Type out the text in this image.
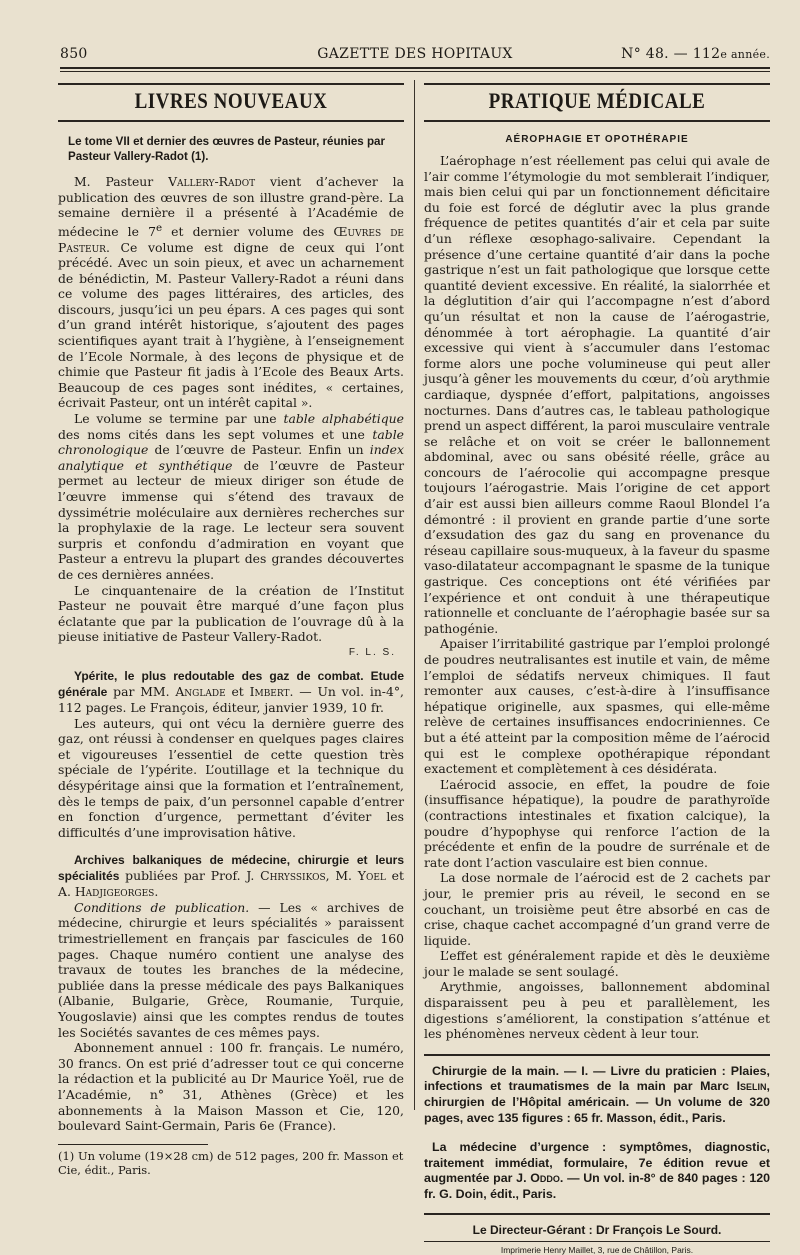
850	GAZETTE DES HOPITAUX	N° 48. — 112e année.
LIVRES NOUVEAUX

Le tome VII et dernier des œuvres de Pasteur, réunies par Pasteur Vallery-Radot (1).

M. Pasteur Vallery-Radot vient d’achever la publication des œuvres de son illustre grand-père. La semaine dernière il a présenté à l’Académie de médecine le 7e et dernier volume des Œuvres de Pasteur. Ce volume est digne de ceux qui l’ont précédé. Avec un soin pieux, et avec un acharnement de bénédictin, M. Pasteur Vallery-Radot a réuni dans ce volume des pages littéraires, des articles, des discours, jusqu’ici un peu épars. A ces pages qui sont d’un grand intérêt historique, s’ajoutent des pages scientifiques ayant trait à l’hygiène, à l’enseignement de l’Ecole Normale, à des leçons de physique et de chimie que Pasteur fit jadis à l’Ecole des Beaux Arts. Beaucoup de ces pages sont inédites, « certaines, écrivait Pasteur, ont un intérêt capital ».

Le volume se termine par une table alphabétique des noms cités dans les sept volumes et une table chronologique de l’œuvre de Pasteur. Enfin un index analytique et synthétique de l’œuvre de Pasteur permet au lecteur de mieux diriger son étude de l’œuvre immense qui s’étend des travaux de dyssimétrie moléculaire aux dernières recherches sur la prophylaxie de la rage. Le lecteur sera souvent surpris et confondu d’admiration en voyant que Pasteur a entrevu la plupart des grandes découvertes de ces dernières années.

Le cinquantenaire de la création de l’Institut Pasteur ne pouvait être marqué d’une façon plus éclatante que par la publication de l’ouvrage dû à la pieuse initiative de Pasteur Vallery-Radot.

F. L. S.

Ypérite, le plus redoutable des gaz de combat. Etude générale par MM. Anglade et Imbert. — Un vol. in-4°, 112 pages. Le François, éditeur, janvier 1939, 10 fr.

Les auteurs, qui ont vécu la dernière guerre des gaz, ont réussi à condenser en quelques pages claires et vigoureuses l’essentiel de cette question très spéciale de l’ypérite. L’outillage et la technique du désypéritage ainsi que la formation et l’entraînement, dès le temps de paix, d’un personnel capable d’entrer en fonction d’urgence, permettant d’éviter les difficultés d’une improvisation hâtive.

Archives balkaniques de médecine, chirurgie et leurs spécialités publiées par Prof. J. Chryssikos, M. Yoel et A. Hadjigeorges.

Conditions de publication. — Les « archives de médecine, chirurgie et leurs spécialités » paraissent trimestriellement en français par fascicules de 160 pages. Chaque numéro contient une analyse des travaux de toutes les branches de la médecine, publiée dans la presse médicale des pays Balkaniques (Albanie, Bulgarie, Grèce, Roumanie, Turquie, Yougoslavie) ainsi que les comptes rendus de toutes les Sociétés savantes de ces mêmes pays.

Abonnement annuel : 100 fr. français. Le numéro, 30 francs. On est prié d’adresser tout ce qui concerne la rédaction et la publicité au Dr Maurice Yoël, rue de l’Académie, n° 31, Athènes (Grèce) et les abonnements à la Maison Masson et Cie, 120, boulevard Saint-Germain, Paris 6e (France).

(1) Un volume (19×28 cm) de 512 pages, 200 fr. Masson et Cie, édit., Paris.

PRATIQUE MÉDICALE
AÉROPHAGIE ET OPOTHÉRAPIE

L’aérophage n’est réellement pas celui qui avale de l’air comme l’étymologie du mot semblerait l’indiquer, mais bien celui qui par un fonctionnement déficitaire du foie est forcé de déglutir avec la plus grande fréquence de petites quantités d’air et cela par suite d’un réflexe œsophago-salivaire. Cependant la présence d’une certaine quantité d’air dans la poche gastrique n’est un fait pathologique que lorsque cette quantité devient excessive. En réalité, la sialorrhée et la déglutition d’air qui l’accompagne n’est d’abord qu’un résultat et non la cause de l’aérogastrie, dénommée à tort aérophagie. La quantité d’air excessive qui vient à s’accumuler dans l’estomac forme alors une poche volumineuse qui peut aller jusqu’à gêner les mouvements du cœur, d’où arythmie cardiaque, dyspnée d’effort, palpitations, angoisses nocturnes. Dans d’autres cas, le tableau pathologique prend un aspect différent, la paroi musculaire ventrale se relâche et on voit se créer le ballonnement abdominal, avec ou sans obésité réelle, grâce au concours de l’aérocolie qui accompagne presque toujours l’aérogastrie. Mais l’origine de cet apport d’air est aussi bien ailleurs comme Raoul Blondel l’a démontré : il provient en grande partie d’une sorte d’exsudation des gaz du sang en provenance du réseau capillaire sous-muqueux, à la faveur du spasme vaso-dilatateur accompagnant le spasme de la tunique gastrique. Ces conceptions ont été vérifiées par l’expérience et ont conduit à une thérapeutique rationnelle et concluante de l’aérophagie basée sur sa pathogénie.

Apaiser l’irritabilité gastrique par l’emploi prolongé de poudres neutralisantes est inutile et vain, de même l’emploi de sédatifs nerveux chimiques. Il faut remonter aux causes, c’est-à-dire à l’insuffisance hépatique originelle, aux spasmes, qui elle-même relève de certaines insuffisances endocriniennes. Ce but a été atteint par la composition même de l’aérocid qui est le complexe opothérapique répondant exactement et complètement à ces désidérata.

L’aérocid associe, en effet, la poudre de foie (insuffisance hépatique), la poudre de parathyroïde (contractions intestinales et fixation calcique), la poudre d’hypophyse qui renforce l’action de la précédente et enfin de la poudre de surrénale et de rate dont l’action vasculaire est bien connue.

La dose normale de l’aérocid est de 2 cachets par jour, le premier pris au réveil, le second en se couchant, un troisième peut être absorbé en cas de crise, chaque cachet accompagné d’un grand verre de liquide.

L’effet est généralement rapide et dès le deuxième jour le malade se sent soulagé.

Arythmie, angoisses, ballonnement abdominal disparaissent peu à peu et parallèlement, les digestions s’améliorent, la constipation s’atténue et les phénomènes nerveux cèdent à leur tour.

Chirurgie de la main. — I. — Livre du praticien : Plaies, infections et traumatismes de la main par Marc Iselin, chirurgien de l’Hôpital américain. — Un volume de 320 pages, avec 135 figures : 65 fr. Masson, édit., Paris.

La médecine d’urgence : symptômes, diagnostic, traitement immédiat, formulaire, 7e édition revue et augmentée par J. Oddo. — Un vol. in-8° de 840 pages : 120 fr. G. Doin, édit., Paris.

Le Directeur-Gérant : Dr François Le Sourd.
Imprimerie Henry Maillet, 3, rue de Châtillon, Paris.
